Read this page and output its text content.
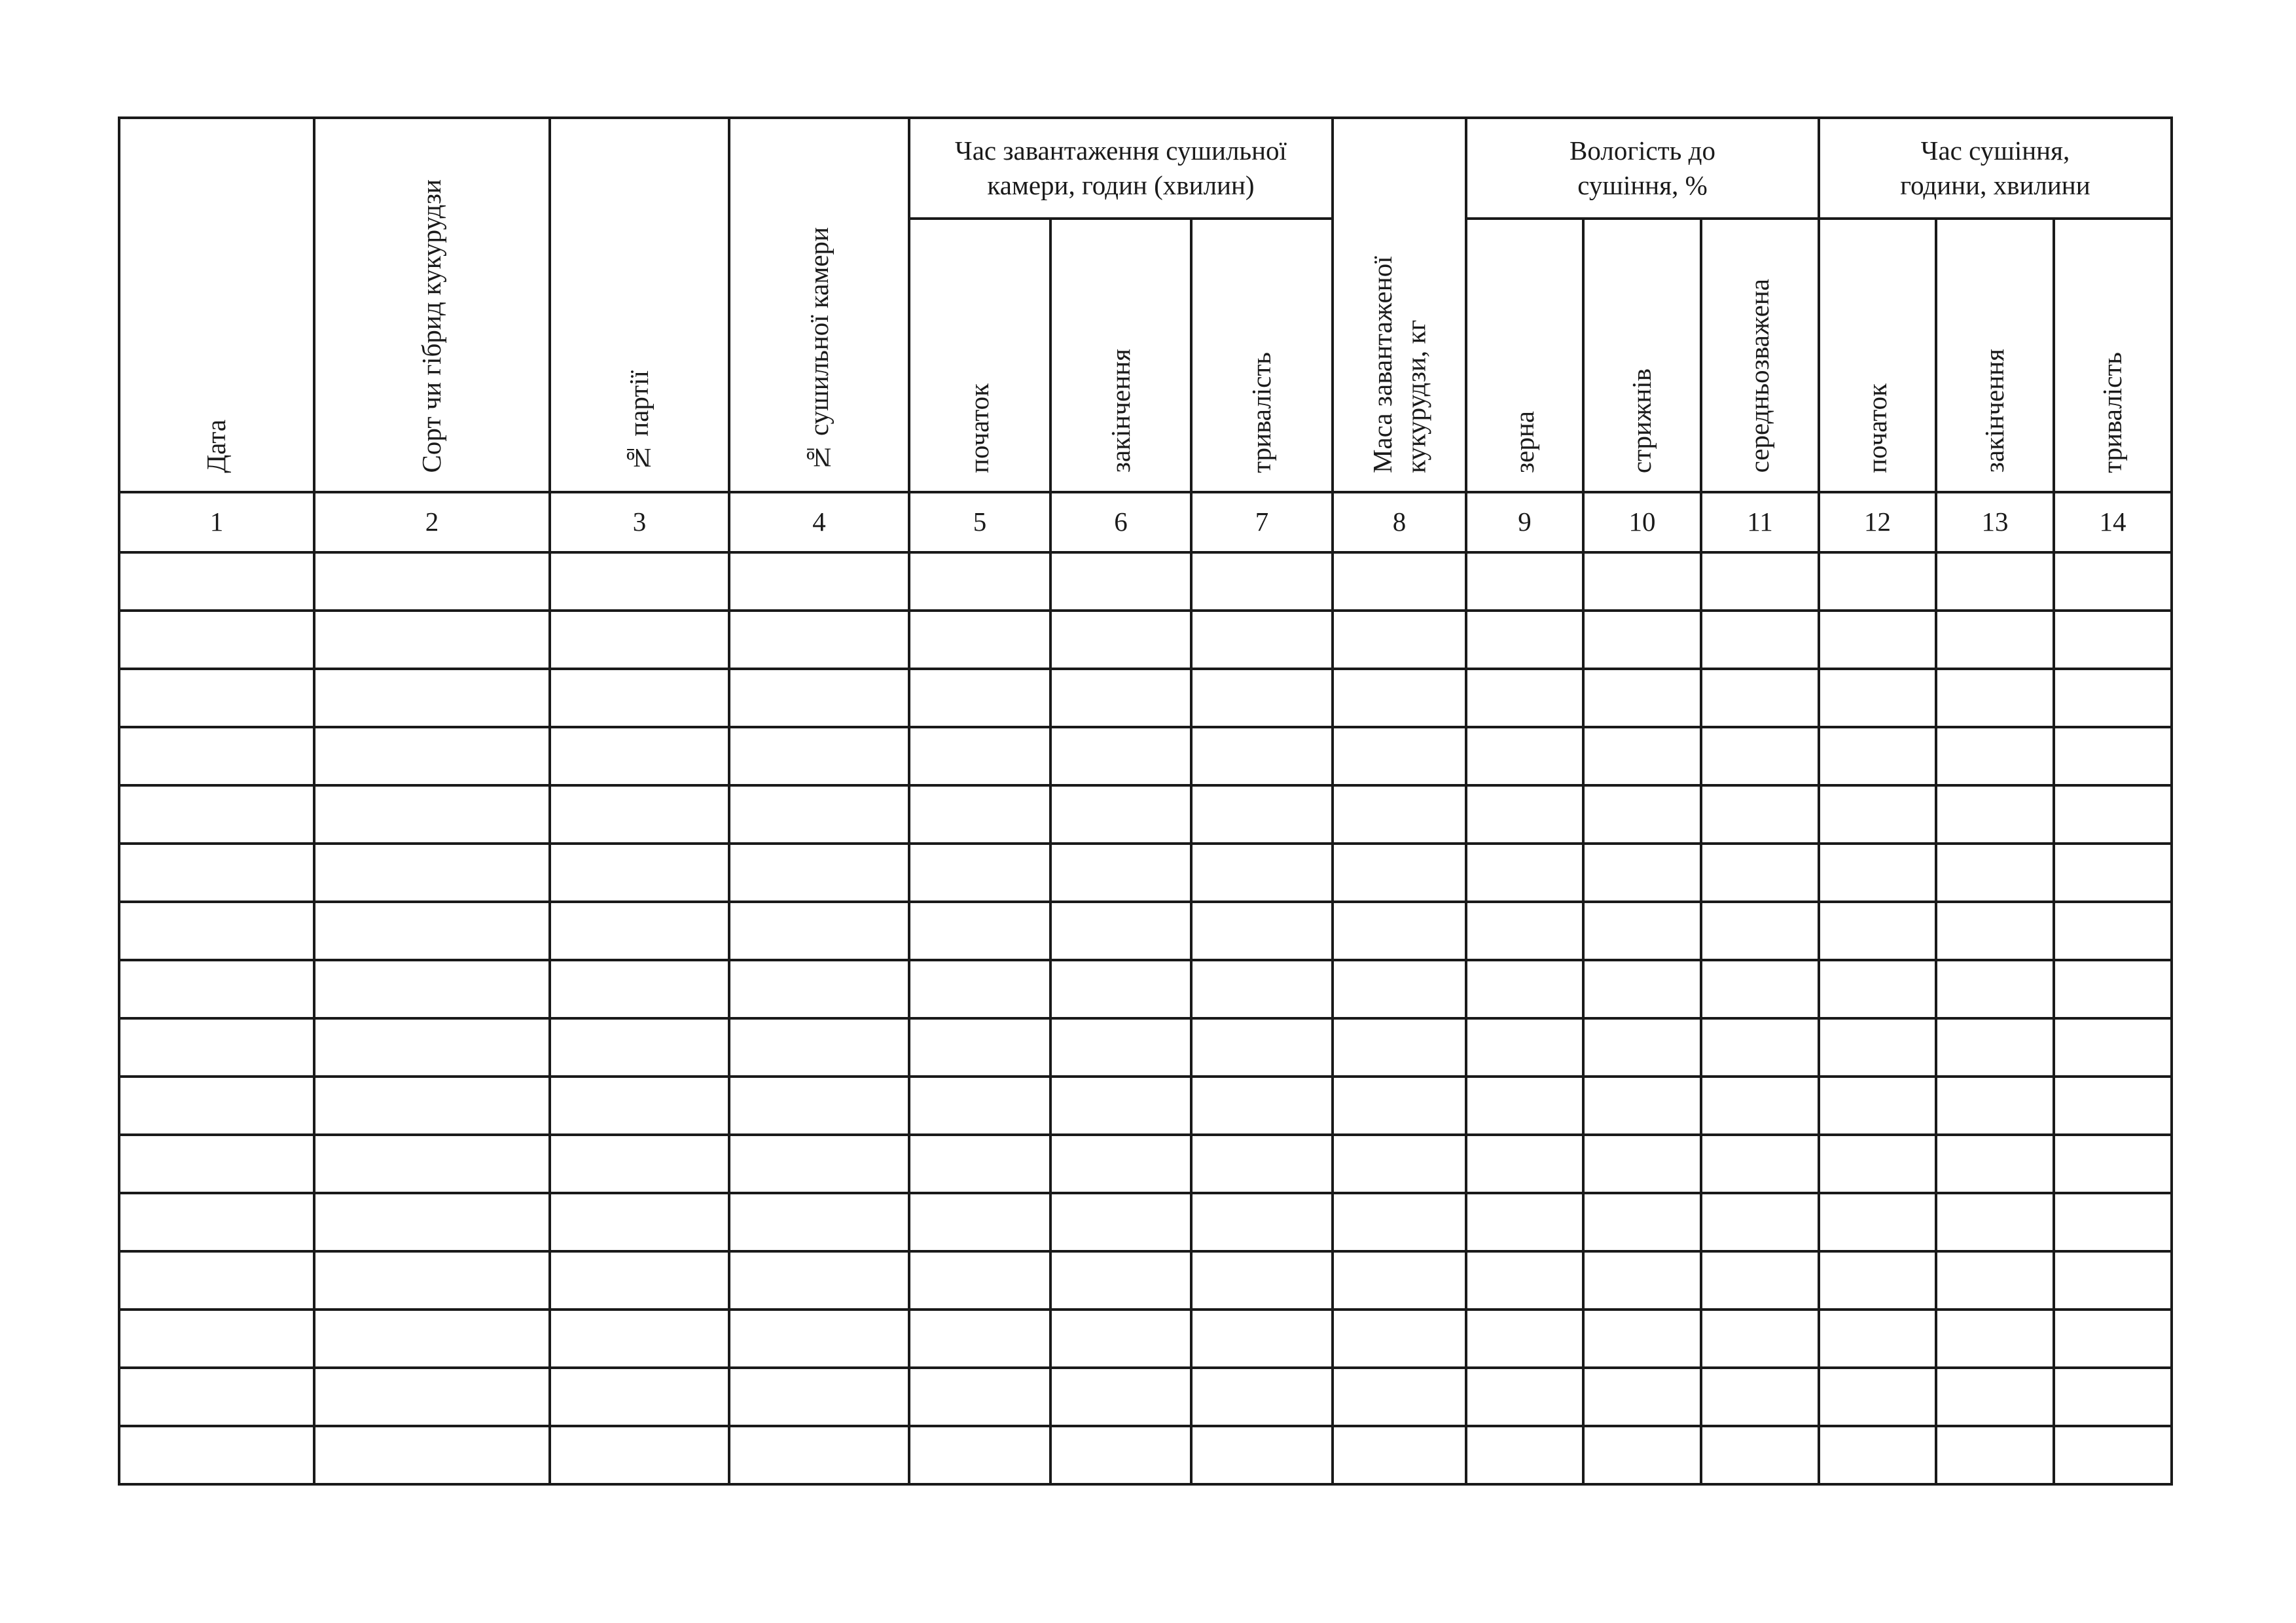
Дата	Сорт чи гібрид кукурудзи	№ партії	№ сушильної камери	Час завантаження сушильної камери, годин (хвилин)			Маса завантаженої кукурудзи, кг	Вологість до сушіння, %			Час сушіння, години, хвилини		
				початок	закінчення	тривалість		зерна	стрижнів	середньозважена	початок	закінчення	тривалість
1	2	3	4	5	6	7	8	9	10	11	12	13	14
